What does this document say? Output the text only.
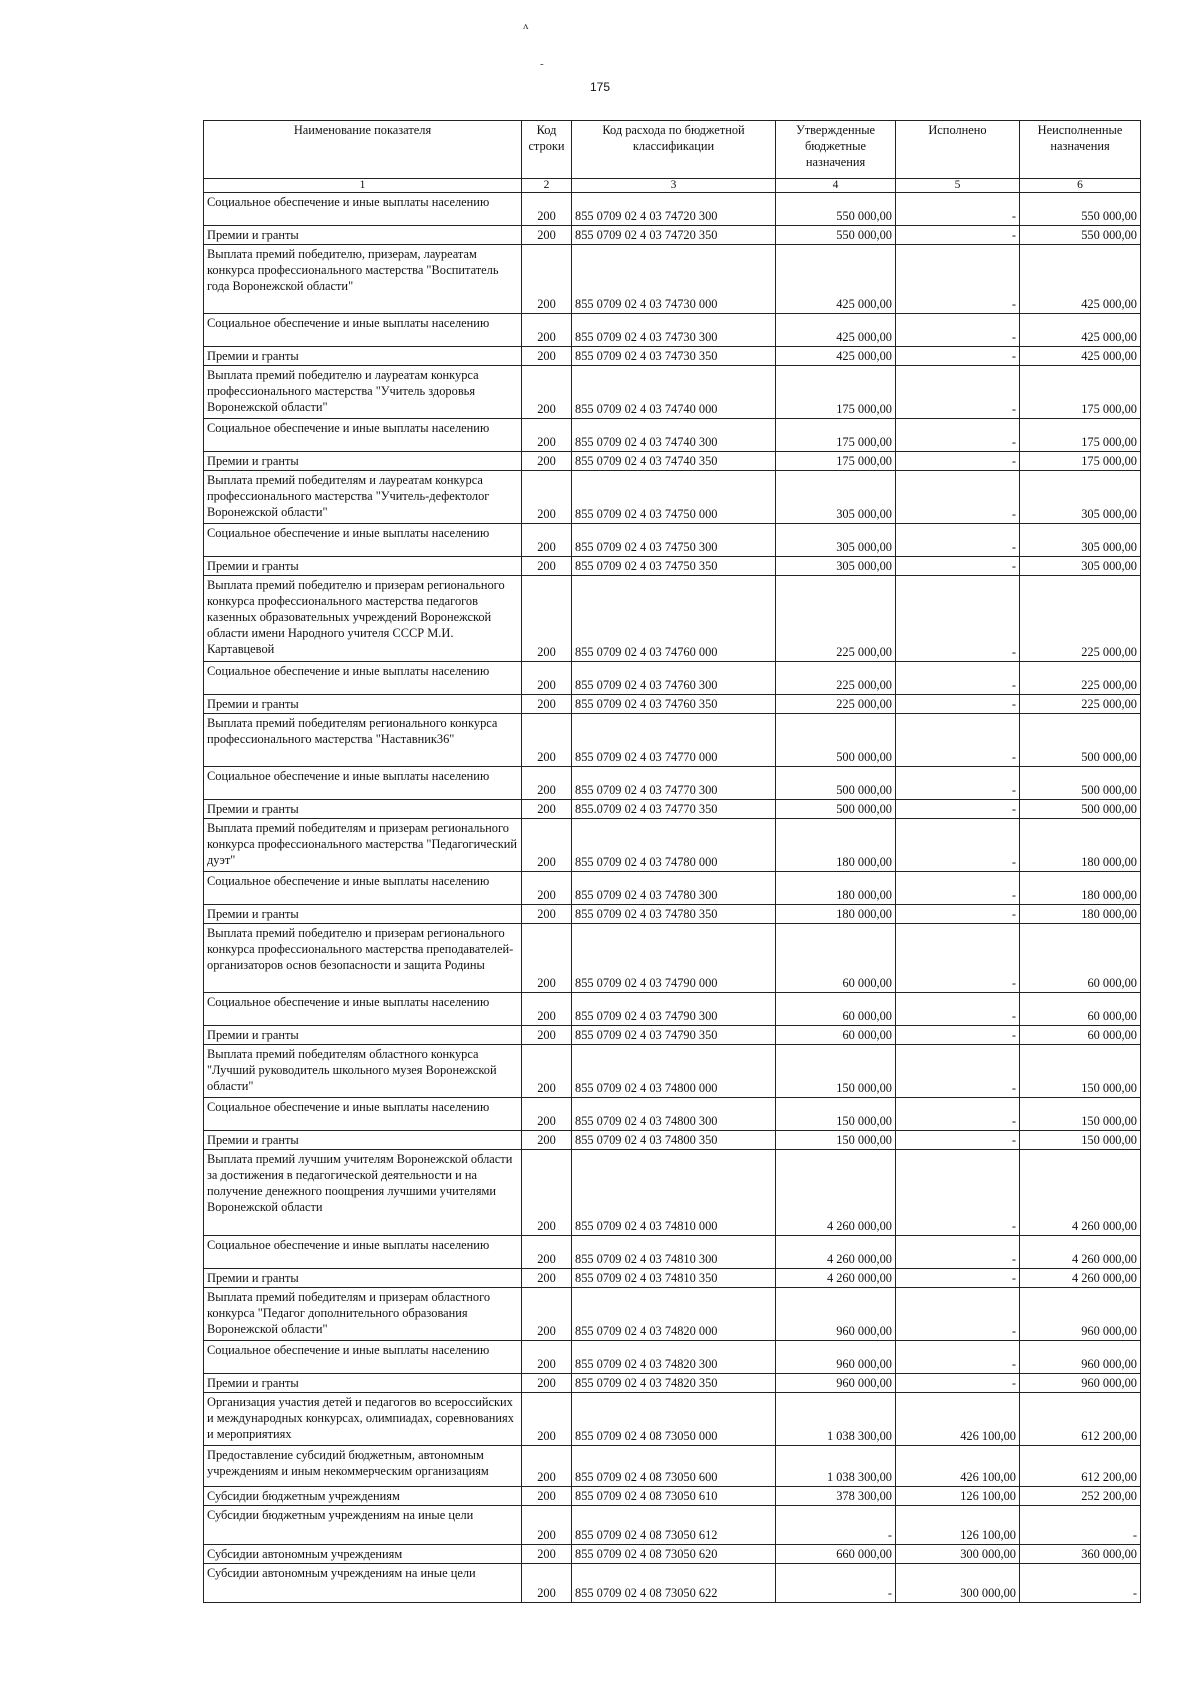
ʌ
-
175
Наименование показателя	Код строки	Код расхода по бюджетной классификации	Утвержденные бюджетные назначения	Исполнено	Неисполненные назначения
1	2	3	4	5	6
Социальное обеспечение и иные выплаты населению	200	855 0709 02 4 03 74720 300	550 000,00	-	550 000,00
Премии и гранты	200	855 0709 02 4 03 74720 350	550 000,00	-	550 000,00
Выплата премий победителю, призерам, лауреатам конкурса профессионального мастерства "Воспитатель года Воронежской области"	200	855 0709 02 4 03 74730 000	425 000,00	-	425 000,00
Социальное обеспечение и иные выплаты населению	200	855 0709 02 4 03 74730 300	425 000,00	-	425 000,00
Премии и гранты	200	855 0709 02 4 03 74730 350	425 000,00	-	425 000,00
Выплата премий победителю и лауреатам конкурса профессионального мастерства "Учитель здоровья Воронежской области"	200	855 0709 02 4 03 74740 000	175 000,00	-	175 000,00
Социальное обеспечение и иные выплаты населению	200	855 0709 02 4 03 74740 300	175 000,00	-	175 000,00
Премии и гранты	200	855 0709 02 4 03 74740 350	175 000,00	-	175 000,00
Выплата премий победителям и лауреатам конкурса профессионального мастерства "Учитель-дефектолог Воронежской области"	200	855 0709 02 4 03 74750 000	305 000,00	-	305 000,00
Социальное обеспечение и иные выплаты населению	200	855 0709 02 4 03 74750 300	305 000,00	-	305 000,00
Премии и гранты	200	855 0709 02 4 03 74750 350	305 000,00	-	305 000,00
Выплата премий победителю и призерам регионального конкурса профессионального мастерства педагогов казенных образовательных учреждений Воронежской области имени Народного учителя СССР М.И. Картавцевой	200	855 0709 02 4 03 74760 000	225 000,00	-	225 000,00
Социальное обеспечение и иные выплаты населению	200	855 0709 02 4 03 74760 300	225 000,00	-	225 000,00
Премии и гранты	200	855 0709 02 4 03 74760 350	225 000,00	-	225 000,00
Выплата премий победителям регионального конкурса профессионального мастерства "Наставник36"	200	855 0709 02 4 03 74770 000	500 000,00	-	500 000,00
Социальное обеспечение и иные выплаты населению	200	855 0709 02 4 03 74770 300	500 000,00	-	500 000,00
Премии и гранты	200	855.0709 02 4 03 74770 350	500 000,00	-	500 000,00
Выплата премий победителям и призерам регионального конкурса профессионального мастерства "Педагогический дуэт"	200	855 0709 02 4 03 74780 000	180 000,00	-	180 000,00
Социальное обеспечение и иные выплаты населению	200	855 0709 02 4 03 74780 300	180 000,00	-	180 000,00
Премии и гранты	200	855 0709 02 4 03 74780 350	180 000,00	-	180 000,00
Выплата премий победителю и призерам регионального конкурса профессионального мастерства преподавателей-организаторов основ безопасности и защита Родины	200	855 0709 02 4 03 74790 000	60 000,00	-	60 000,00
Социальное обеспечение и иные выплаты населению	200	855 0709 02 4 03 74790 300	60 000,00	-	60 000,00
Премии и гранты	200	855 0709 02 4 03 74790 350	60 000,00	-	60 000,00
Выплата премий победителям областного конкурса "Лучший руководитель школьного музея Воронежской области"	200	855 0709 02 4 03 74800 000	150 000,00	-	150 000,00
Социальное обеспечение и иные выплаты населению	200	855 0709 02 4 03 74800 300	150 000,00	-	150 000,00
Премии и гранты	200	855 0709 02 4 03 74800 350	150 000,00	-	150 000,00
Выплата премий лучшим учителям Воронежской области за достижения в педагогической деятельности и на получение денежного поощрения лучшими учителями Воронежской области	200	855 0709 02 4 03 74810 000	4 260 000,00	-	4 260 000,00
Социальное обеспечение и иные выплаты населению	200	855 0709 02 4 03 74810 300	4 260 000,00	-	4 260 000,00
Премии и гранты	200	855 0709 02 4 03 74810 350	4 260 000,00	-	4 260 000,00
Выплата премий победителям и призерам областного конкурса "Педагог дополнительного образования Воронежской области"	200	855 0709 02 4 03 74820 000	960 000,00	-	960 000,00
Социальное обеспечение и иные выплаты населению	200	855 0709 02 4 03 74820 300	960 000,00	-	960 000,00
Премии и гранты	200	855 0709 02 4 03 74820 350	960 000,00	-	960 000,00
Организация участия детей и педагогов во всероссийских и международных конкурсах, олимпиадах, соревнованиях и мероприятиях	200	855 0709 02 4 08 73050 000	1 038 300,00	426 100,00	612 200,00
Предоставление субсидий бюджетным, автономным учреждениям и иным некоммерческим организациям	200	855 0709 02 4 08 73050 600	1 038 300,00	426 100,00	612 200,00
Субсидии бюджетным учреждениям	200	855 0709 02 4 08 73050 610	378 300,00	126 100,00	252 200,00
Субсидии бюджетным учреждениям на иные цели	200	855 0709 02 4 08 73050 612	-	126 100,00	-
Субсидии автономным учреждениям	200	855 0709 02 4 08 73050 620	660 000,00	300 000,00	360 000,00
Субсидии автономным учреждениям на иные цели	200	855 0709 02 4 08 73050 622	-	300 000,00	-
